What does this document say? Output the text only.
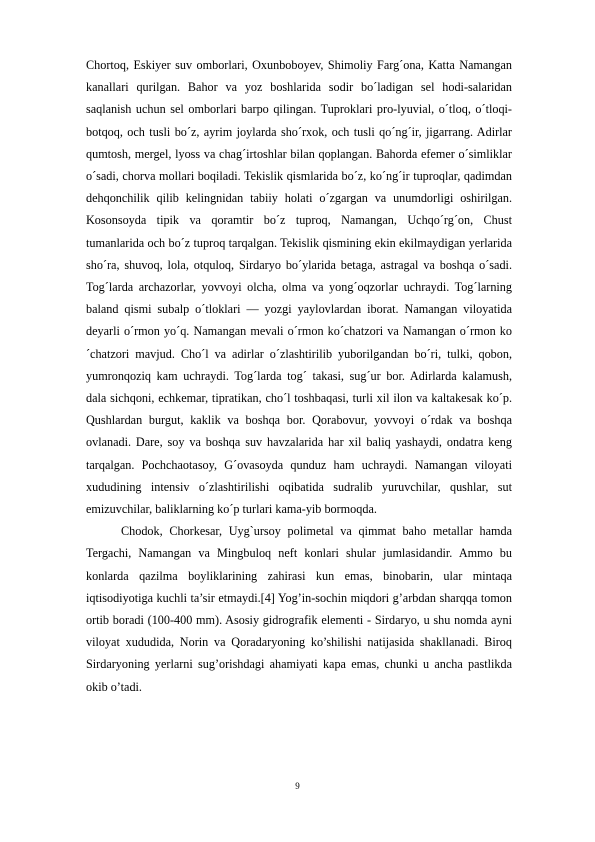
Chortoq, Eskiyer suv omborlari, Oxunboboyev, Shimoliy Farg´ona, Katta Namangan kanallari qurilgan. Bahor va yoz boshlarida sodir bo´ladigan sel hodi-salaridan saqlanish uchun sel omborlari barpo qilingan. Tuproklari pro-lyuvial, o´tloq, o´tloqi-botqoq, och tusli bo´z, ayrim joylarda sho´rxok, och tusli qo´ng´ir, jigarrang. Adirlar qumtosh, mergel, lyoss va chag´irtoshlar bilan qoplangan. Bahorda efemer o´simliklar o´sadi, chorva mollari boqiladi. Tekislik qismlarida bo´z, ko´ng´ir tuproqlar, qadimdan dehqonchilik qilib kelingnidan tabiiy holati o´zgargan va unumdorligi oshirilgan. Kosonsoyda tipik va qoramtir bo´z tuproq, Namangan, Uchqo´rg´on, Chust tumanlarida och bo´z tuproq tarqalgan. Tekislik qismining ekin ekilmaydigan yerlarida sho´ra, shuvoq, lola, otquloq, Sirdaryo bo´ylarida betaga, astragal va boshqa o´sadi. Tog´larda archazorlar, yovvoyi olcha, olma va yong´oqzorlar uchraydi. Tog´larning baland qismi subalp o´tloklari — yozgi yaylovlardan iborat. Namangan viloyatida deyarli o´rmon yo´q. Namangan mevali o´rmon ko´chatzori va Namangan o´rmon ko´chatzori mavjud. Cho´l va adirlar o´zlashtirilib yuborilgandan bo´ri, tulki, qobon, yumronqoziq kam uchraydi. Tog´larda tog´ takasi, sug´ur bor. Adirlarda kalamush, dala sichqoni, echkemar, tipratikan, cho´l toshbaqasi, turli xil ilon va kaltakesak ko´p. Qushlardan burgut, kaklik va boshqa bor. Qorabovur, yovvoyi o´rdak va boshqa ovlanadi. Dare, soy va boshqa suv havzalarida har xil baliq yashaydi, ondatra keng tarqalgan. Pochchaotasoy, G´ovasoyda qunduz ham uchraydi. Namangan viloyati xududining intensiv o´zlashtirilishi oqibatida sudralib yuruvchilar, qushlar, sut emizuvchilar, baliklarning ko´p turlari kama-yib bormoqda.

Chodok, Chorkesar, Uyg`ursoy polimetal va qimmat baho metallar hamda Tergachi, Namangan va Mingbuloq neft konlari shular jumlasidandir. Ammo bu konlarda qazilma boyliklarining zahirasi kun emas, binobarin, ular mintaqa iqtisodiyotiga kuchli ta’sir etmaydi.[4] Yog’in-sochin miqdori g’arbdan sharqqa tomon ortib boradi (100-400 mm). Asosiy gidrografik elementi - Sirdaryo, u shu nomda ayni viloyat xududida, Norin va Qoradaryoning ko’shilishi natijasida shakllanadi. Biroq Sirdaryoning yerlarni sug’orishdagi ahamiyati kapa emas, chunki u ancha pastlikda okib o’tadi.

9
